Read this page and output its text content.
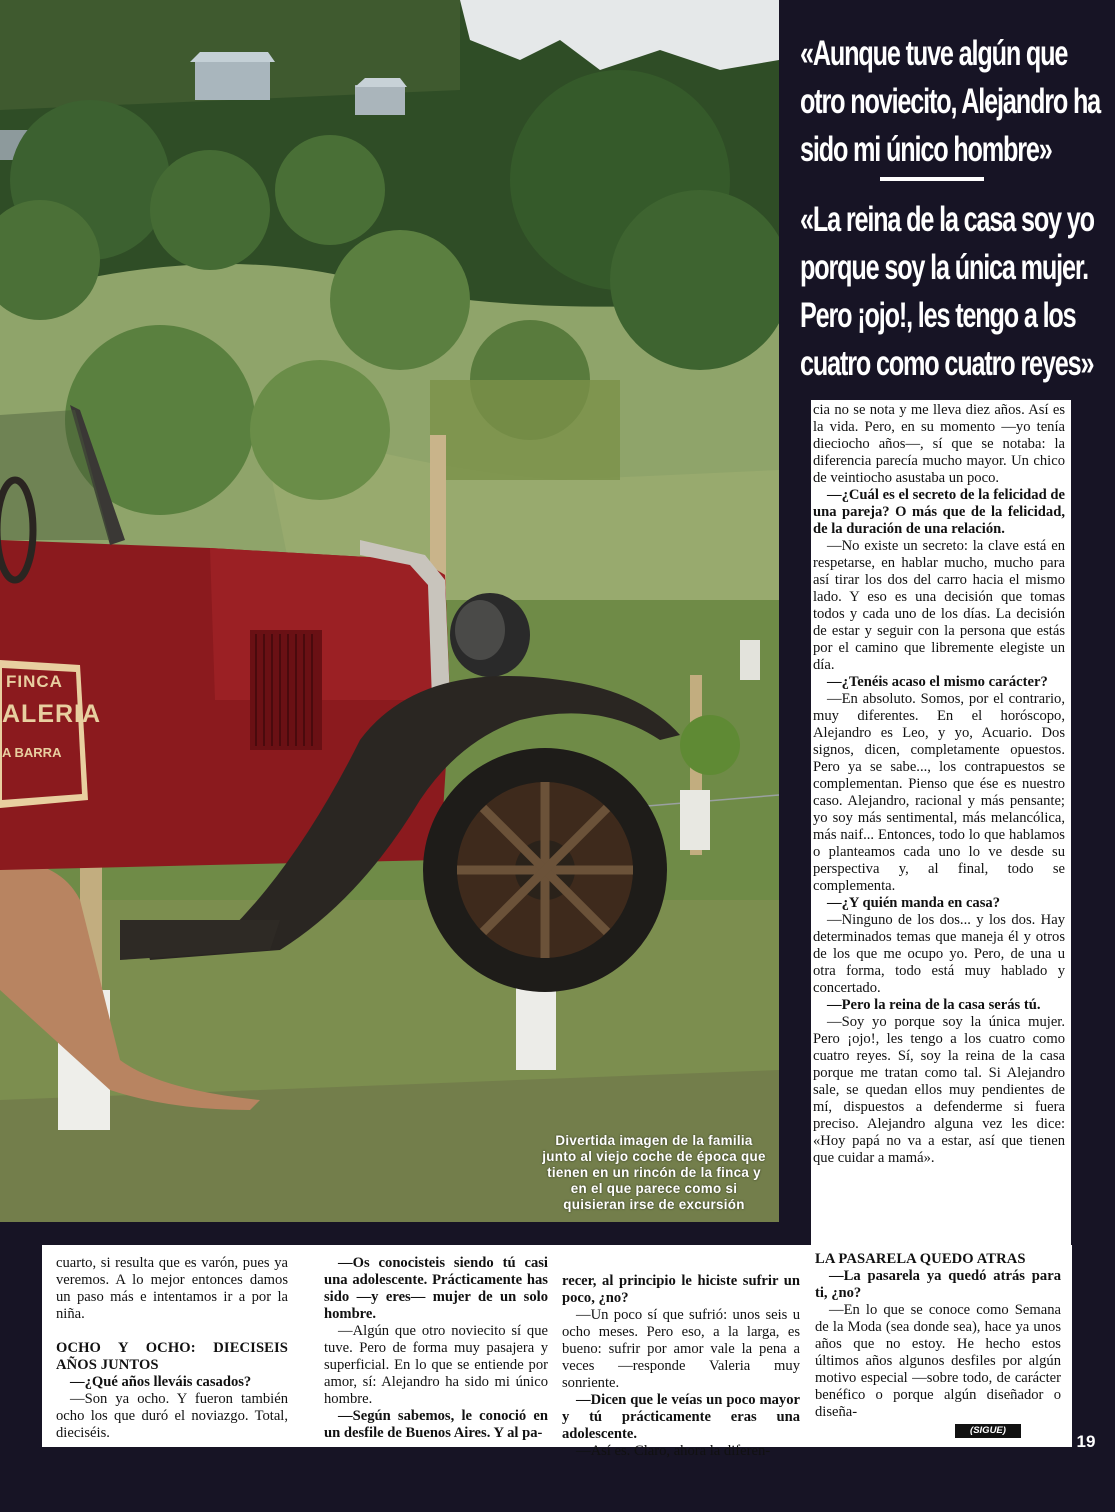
FINCA
ALERIA
A BARRA
Divertida imagen de la familia junto al viejo coche de época que tienen en un rincón de la finca y en el que parece como si quisieran irse de excursión
«Aunque tuve algún que otro noviecito, Alejandro ha sido mi único hombre»
«La reina de la casa soy yo porque soy la única mujer. Pero ¡ojo!, les tengo a los cuatro como cuatro reyes»

cia no se nota y me lleva diez años. Así es la vida. Pero, en su momento —yo tenía dieciocho años—, sí que se notaba: la diferencia parecía mucho mayor. Un chico de veintiocho asustaba un poco.

—¿Cuál es el secreto de la felicidad de una pareja? O más que de la felicidad, de la duración de una relación.

—No existe un secreto: la clave está en respetarse, en hablar mucho, mucho para así tirar los dos del carro hacia el mismo lado. Y eso es una decisión que tomas todos y cada uno de los días. La decisión de estar y seguir con la persona que estás por el camino que libremente elegiste un día.

—¿Tenéis acaso el mismo carácter?

—En absoluto. Somos, por el contrario, muy diferentes. En el horóscopo, Alejandro es Leo, y yo, Acuario. Dos signos, dicen, completamente opuestos. Pero ya se sabe..., los contrapuestos se complementan. Pienso que ése es nuestro caso. Alejandro, racional y más pensante; yo soy más sentimental, más melancólica, más naif... Entonces, todo lo que hablamos o planteamos cada uno lo ve desde su perspectiva y, al final, todo se complementa.

—¿Y quién manda en casa?

—Ninguno de los dos... y los dos. Hay determinados temas que maneja él y otros de los que me ocupo yo. Pero, de una u otra forma, todo está muy hablado y concertado.

—Pero la reina de la casa serás tú.

—Soy yo porque soy la única mujer. Pero ¡ojo!, les tengo a los cuatro como cuatro reyes. Sí, soy la reina de la casa porque me tratan como tal. Si Alejandro sale, se quedan ellos muy pendientes de mí, dispuestos a defenderme si fuera preciso. Alejandro alguna vez les dice: «Hoy papá no va a estar, así que tienen que cuidar a mamá».

cuarto, si resulta que es varón, pues ya veremos. A lo mejor entonces damos un paso más e intentamos ir a por la niña.

OCHO Y OCHO: DIECISEIS AÑOS JUNTOS

—¿Qué años lleváis casados?

—Son ya ocho. Y fueron también ocho los que duró el noviazgo. Total, dieciséis.

—Os conocisteis siendo tú casi una adolescente. Prácticamente has sido —y eres— mujer de un solo hombre.

—Algún que otro noviecito sí que tuve. Pero de forma muy pasajera y superficial. En lo que se entiende por amor, sí: Alejandro ha sido mi único hombre.

—Según sabemos, le conoció en un desfile de Buenos Aires. Y al pa-

recer, al principio le hiciste sufrir un poco, ¿no?

—Un poco sí que sufrió: unos seis u ocho meses. Pero eso, a la larga, es bueno: sufrir por amor vale la pena a veces —responde Valeria muy sonriente.

—Dicen que le veías un poco mayor y tú prácticamente eras una adolescente.

—Así es. Claro, ahora la diferen-

LA PASARELA QUEDO ATRAS

—La pasarela ya quedó atrás para ti, ¿no?

—En lo que se conoce como Semana de la Moda (sea donde sea), hace ya unos años que no estoy. He hecho estos últimos años algunos desfiles por algún motivo especial —sobre todo, de carácter benéfico o porque algún diseñador o diseña-

(SIGUE)
19
